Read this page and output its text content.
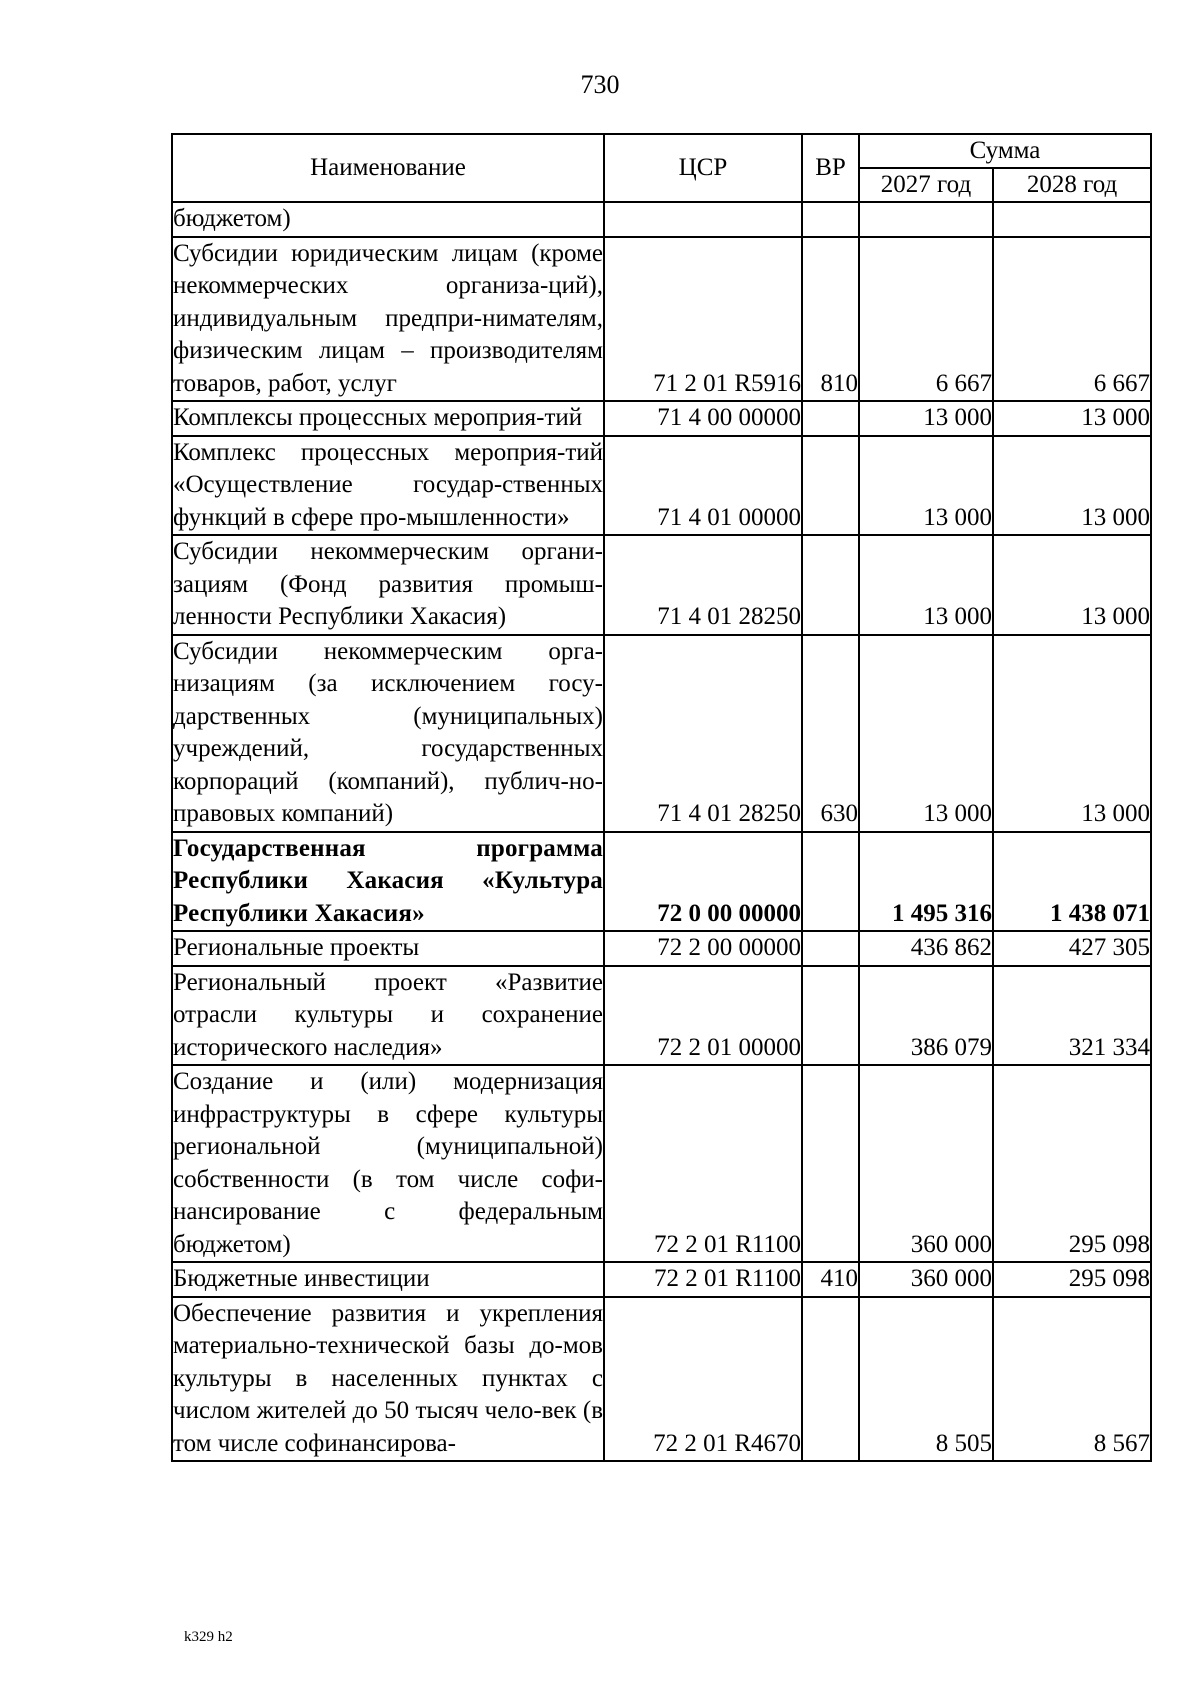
730
Наименование	ЦСР	ВР	Сумма	
			2027 год	2028 год
бюджетом)				
Субсидии юридическим лицам (кроме некоммерческих организа-ций), индивидуальным предпри-нимателям, физическим лицам – производителям товаров, работ, услуг	71 2 01 R5916	810	6 667	6 667
Комплексы процессных мероприя-тий	71 4 00 00000		13 000	13 000
Комплекс процессных мероприя-тий «Осуществление государ-ственных функций в сфере про-мышленности»	71 4 01 00000		13 000	13 000
Субсидии некоммерческим органи-зациям (Фонд развития промыш-ленности Республики Хакасия)	71 4 01 28250		13 000	13 000
Субсидии некоммерческим орга-низациям (за исключением госу-дарственных (муниципальных) учреждений, государственных корпораций (компаний), публич-но-правовых компаний)	71 4 01 28250	630	13 000	13 000
Государственная программа Республики Хакасия «Культура Республики Хакасия»	72 0 00 00000		1 495 316	1 438 071
Региональные проекты	72 2 00 00000		436 862	427 305
Региональный проект «Развитие отрасли культуры и сохранение исторического наследия»	72 2 01 00000		386 079	321 334
Создание и (или) модернизация инфраструктуры в сфере культуры региональной (муниципальной) собственности (в том числе софи-нансирование с федеральным бюджетом)	72 2 01 R1100		360 000	295 098
Бюджетные инвестиции	72 2 01 R1100	410	360 000	295 098
Обеспечение развития и укрепления материально-технической базы до-мов культуры в населенных пунктах с числом жителей до 50 тысяч чело-век (в том числе софинансирова-	72 2 01 R4670		8 505	8 567
k329 h2
